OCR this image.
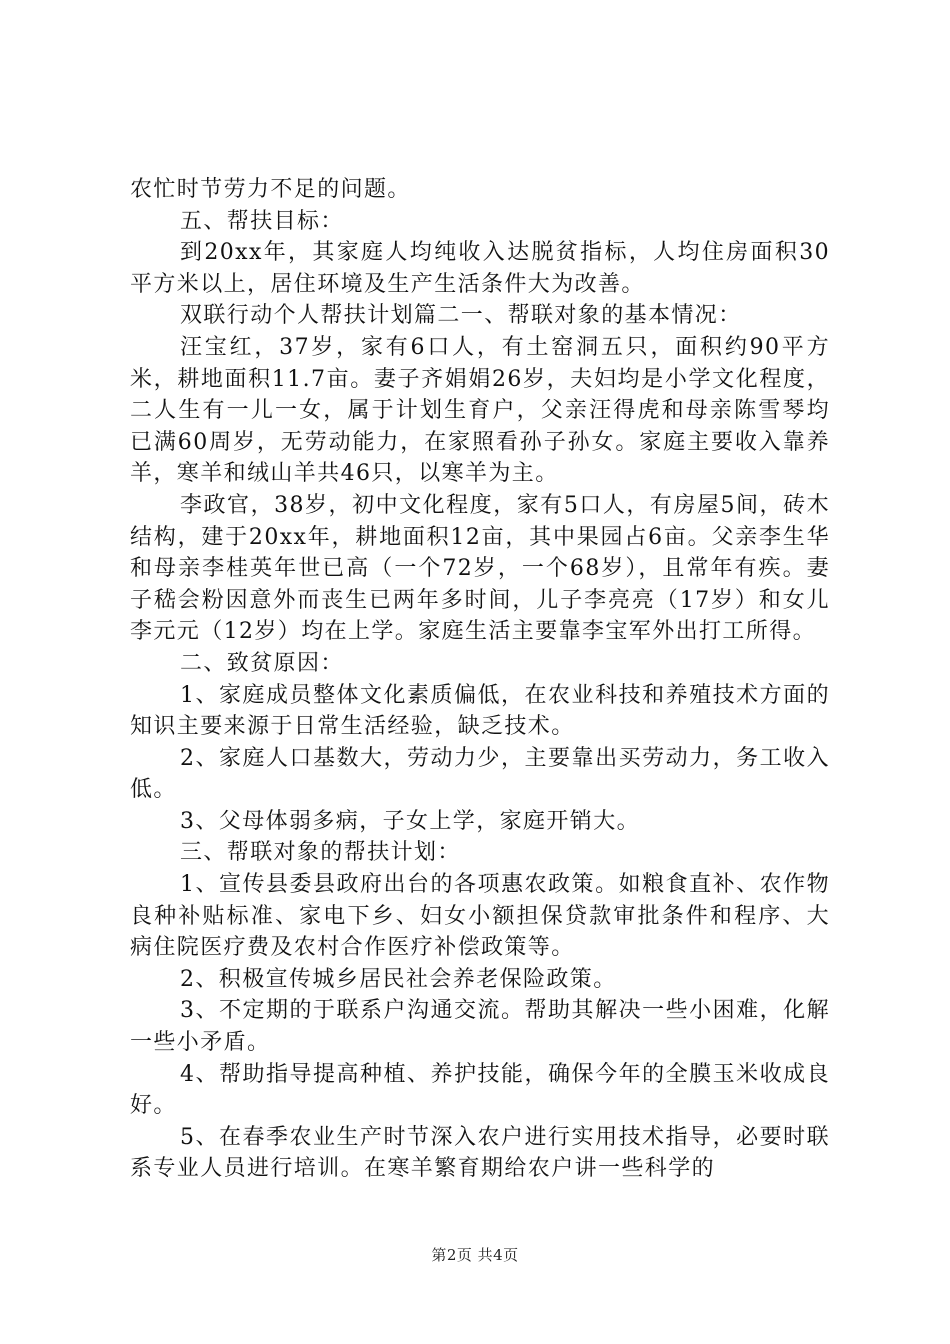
农忙时节劳力不足的问题。

五、帮扶目标：

到20xx年，其家庭人均纯收入达脱贫指标，人均住房面积30平方米以上，居住环境及生产生活条件大为改善。

双联行动个人帮扶计划篇二一、帮联对象的基本情况：

汪宝红，37岁，家有6口人，有土窑洞五只，面积约90平方米，耕地面积11.7亩。妻子齐娟娟26岁，夫妇均是小学文化程度，二人生有一儿一女，属于计划生育户，父亲汪得虎和母亲陈雪琴均已满60周岁，无劳动能力，在家照看孙子孙女。家庭主要收入靠养羊，寒羊和绒山羊共46只，以寒羊为主。

李政官，38岁，初中文化程度，家有5口人，有房屋5间，砖木结构，建于20xx年，耕地面积12亩，其中果园占6亩。父亲李生华和母亲李桂英年世已高（一个72岁，一个68岁），且常年有疾。妻子嵇会粉因意外而丧生已两年多时间，儿子李亮亮（17岁）和女儿李元元（12岁）均在上学。家庭生活主要靠李宝军外出打工所得。

二、致贫原因：

1、家庭成员整体文化素质偏低，在农业科技和养殖技术方面的知识主要来源于日常生活经验，缺乏技术。

2、家庭人口基数大，劳动力少，主要靠出买劳动力，务工收入低。

3、父母体弱多病，子女上学，家庭开销大。

三、帮联对象的帮扶计划：

1、宣传县委县政府出台的各项惠农政策。如粮食直补、农作物良种补贴标准、家电下乡、妇女小额担保贷款审批条件和程序、大病住院医疗费及农村合作医疗补偿政策等。

2、积极宣传城乡居民社会养老保险政策。

3、不定期的于联系户沟通交流。帮助其解决一些小困难，化解一些小矛盾。

4、帮助指导提高种植、养护技能，确保今年的全膜玉米收成良好。

5、在春季农业生产时节深入农户进行实用技术指导，必要时联系专业人员进行培训。在寒羊繁育期给农户讲一些科学的

第2页 共4页
